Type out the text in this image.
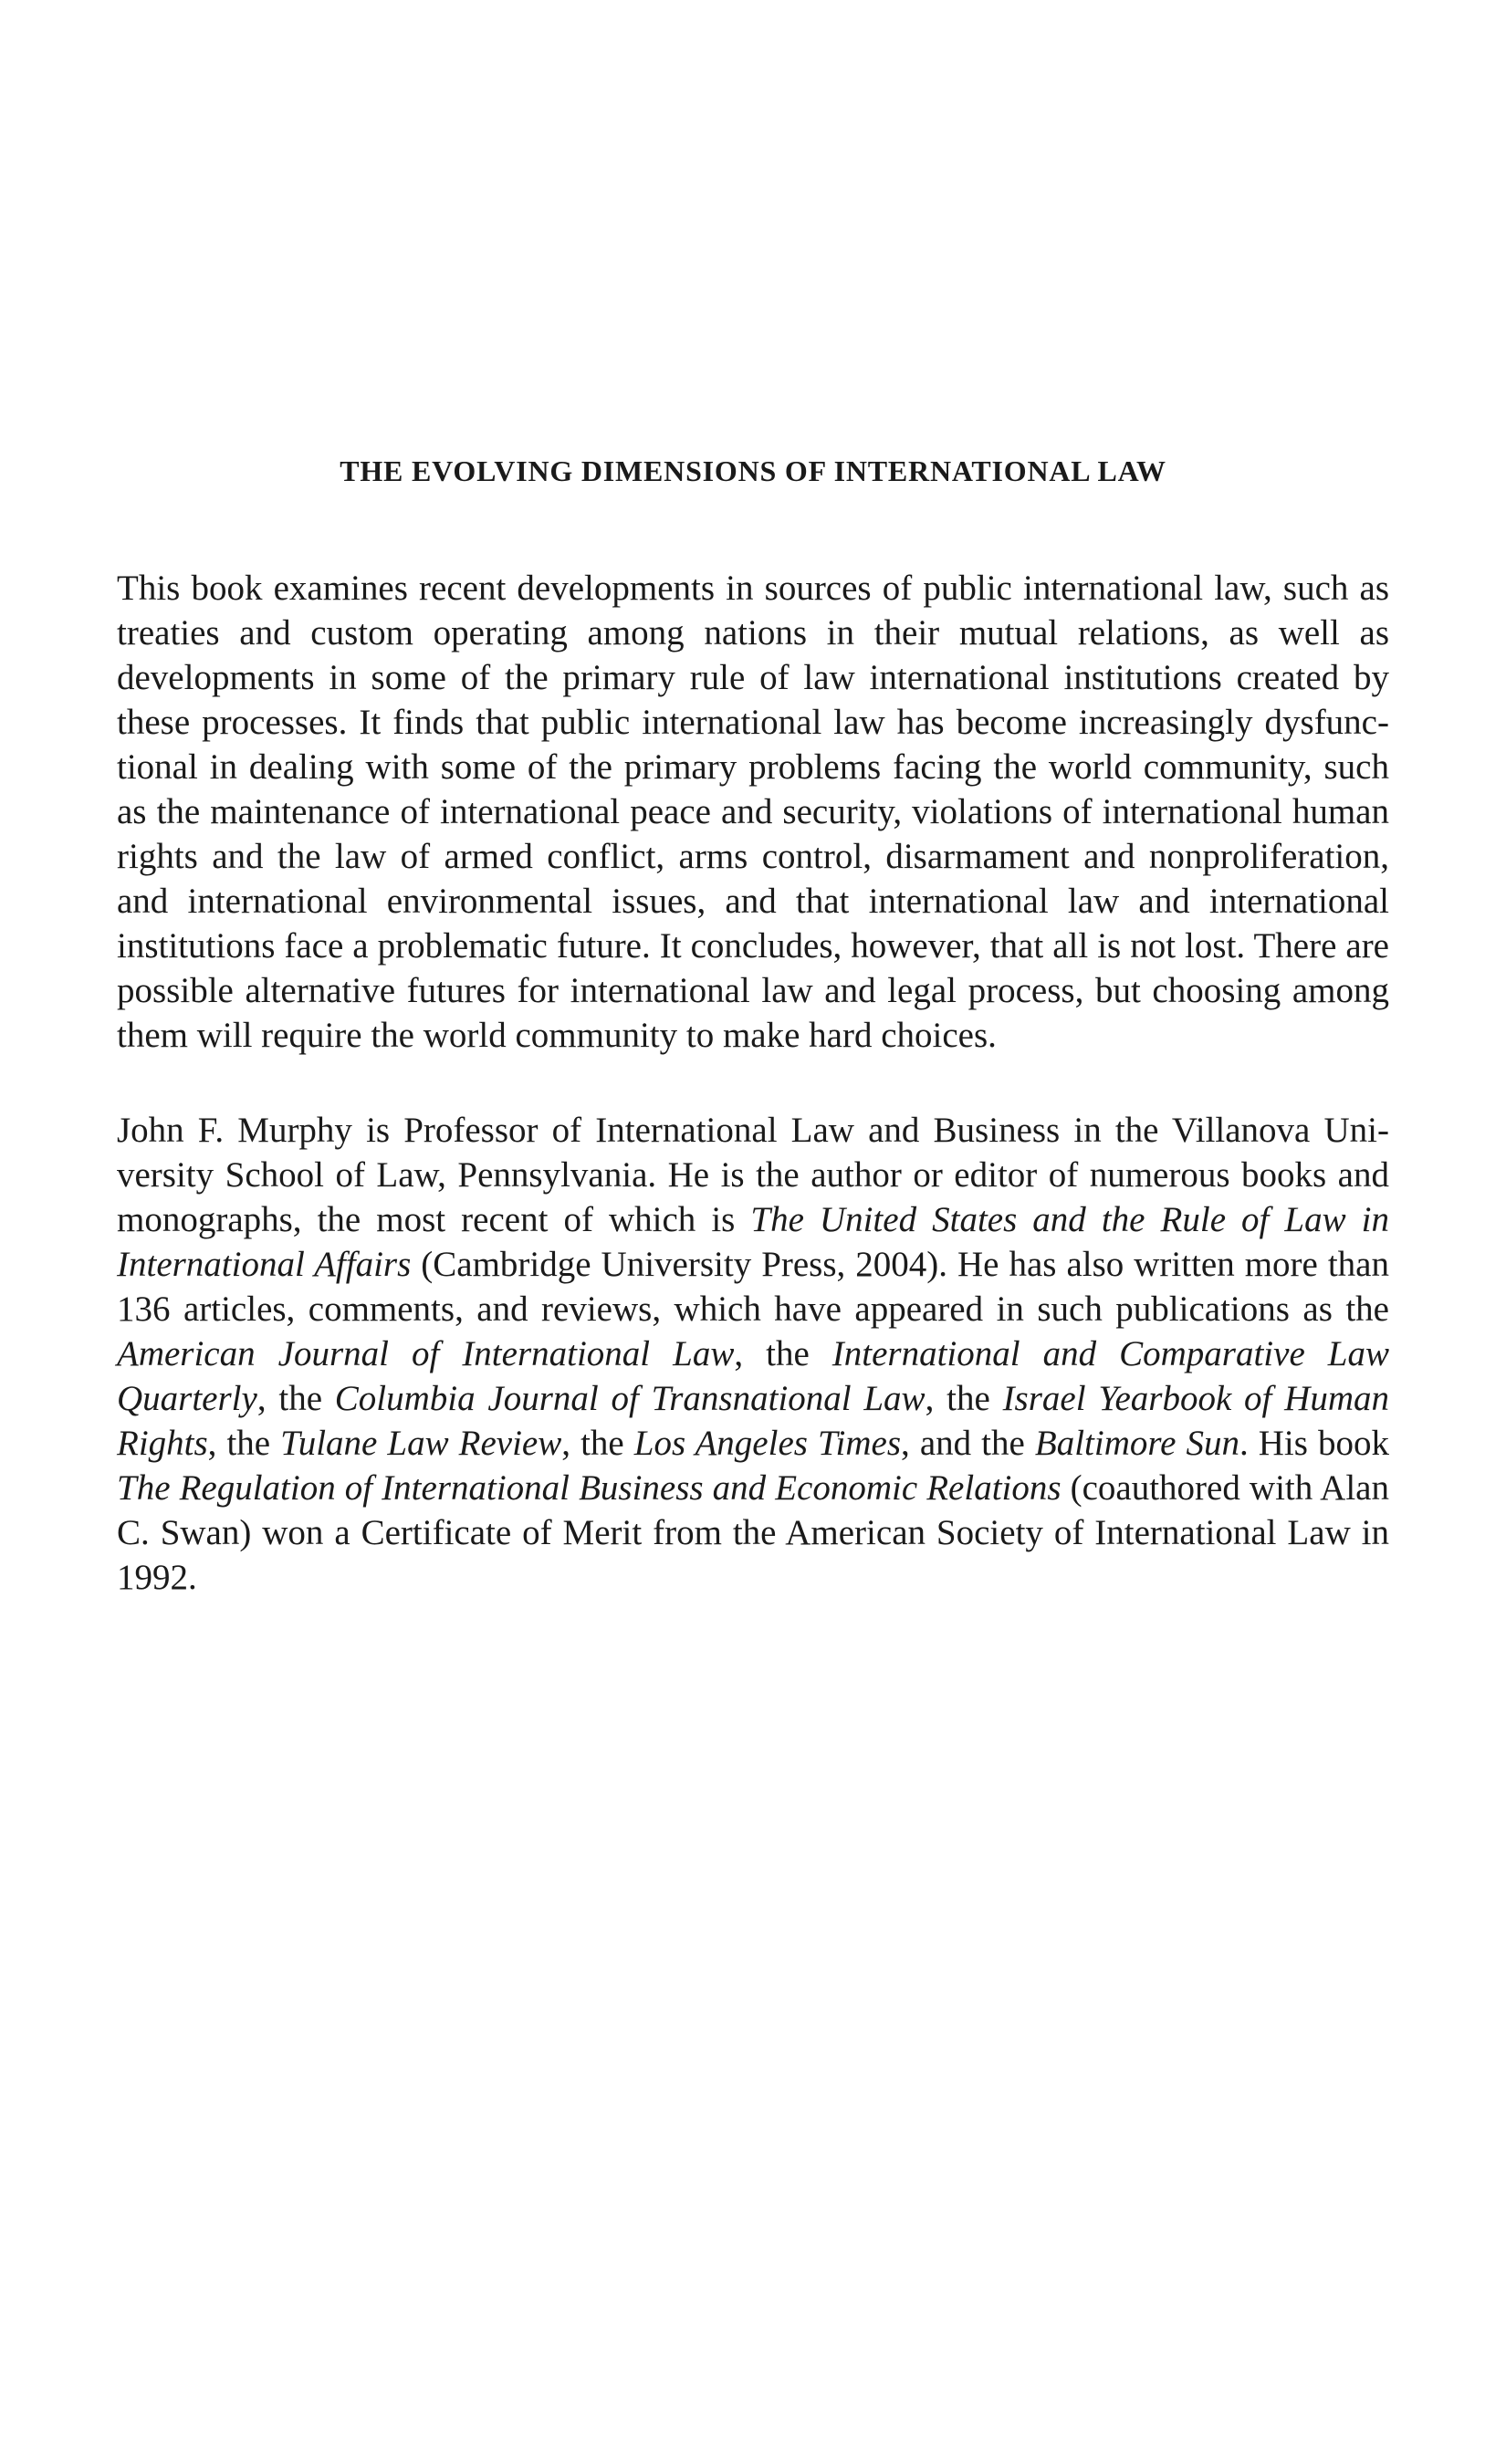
THE EVOLVING DIMENSIONS OF INTERNATIONAL LAW

This book examines recent developments in sources of public international law, such as treaties and custom operating among nations in their mutual relations, as well as developments in some of the primary rule of law international institutions created by these processes. It finds that public international law has become increasingly dysfunctional in dealing with some of the primary problems facing the world community, such as the maintenance of international peace and security, violations of international human rights and the law of armed conflict, arms control, disarmament and nonproliferation, and international environmental issues, and that international law and international institutions face a problematic future. It concludes, however, that all is not lost. There are possible alternative futures for international law and legal process, but choosing among them will require the world community to make hard choices.

John F. Murphy is Professor of International Law and Business in the Villanova University School of Law, Pennsylvania. He is the author or editor of numerous books and monographs, the most recent of which is The United States and the Rule of Law in International Affairs (Cambridge University Press, 2004). He has also written more than 136 articles, comments, and reviews, which have appeared in such publications as the American Journal of International Law, the International and Comparative Law Quarterly, the Columbia Journal of Transnational Law, the Israel Yearbook of Human Rights, the Tulane Law Review, the Los Angeles Times, and the Baltimore Sun. His book The Regulation of International Business and Economic Relations (coauthored with Alan C. Swan) won a Certificate of Merit from the American Society of International Law in 1992.
